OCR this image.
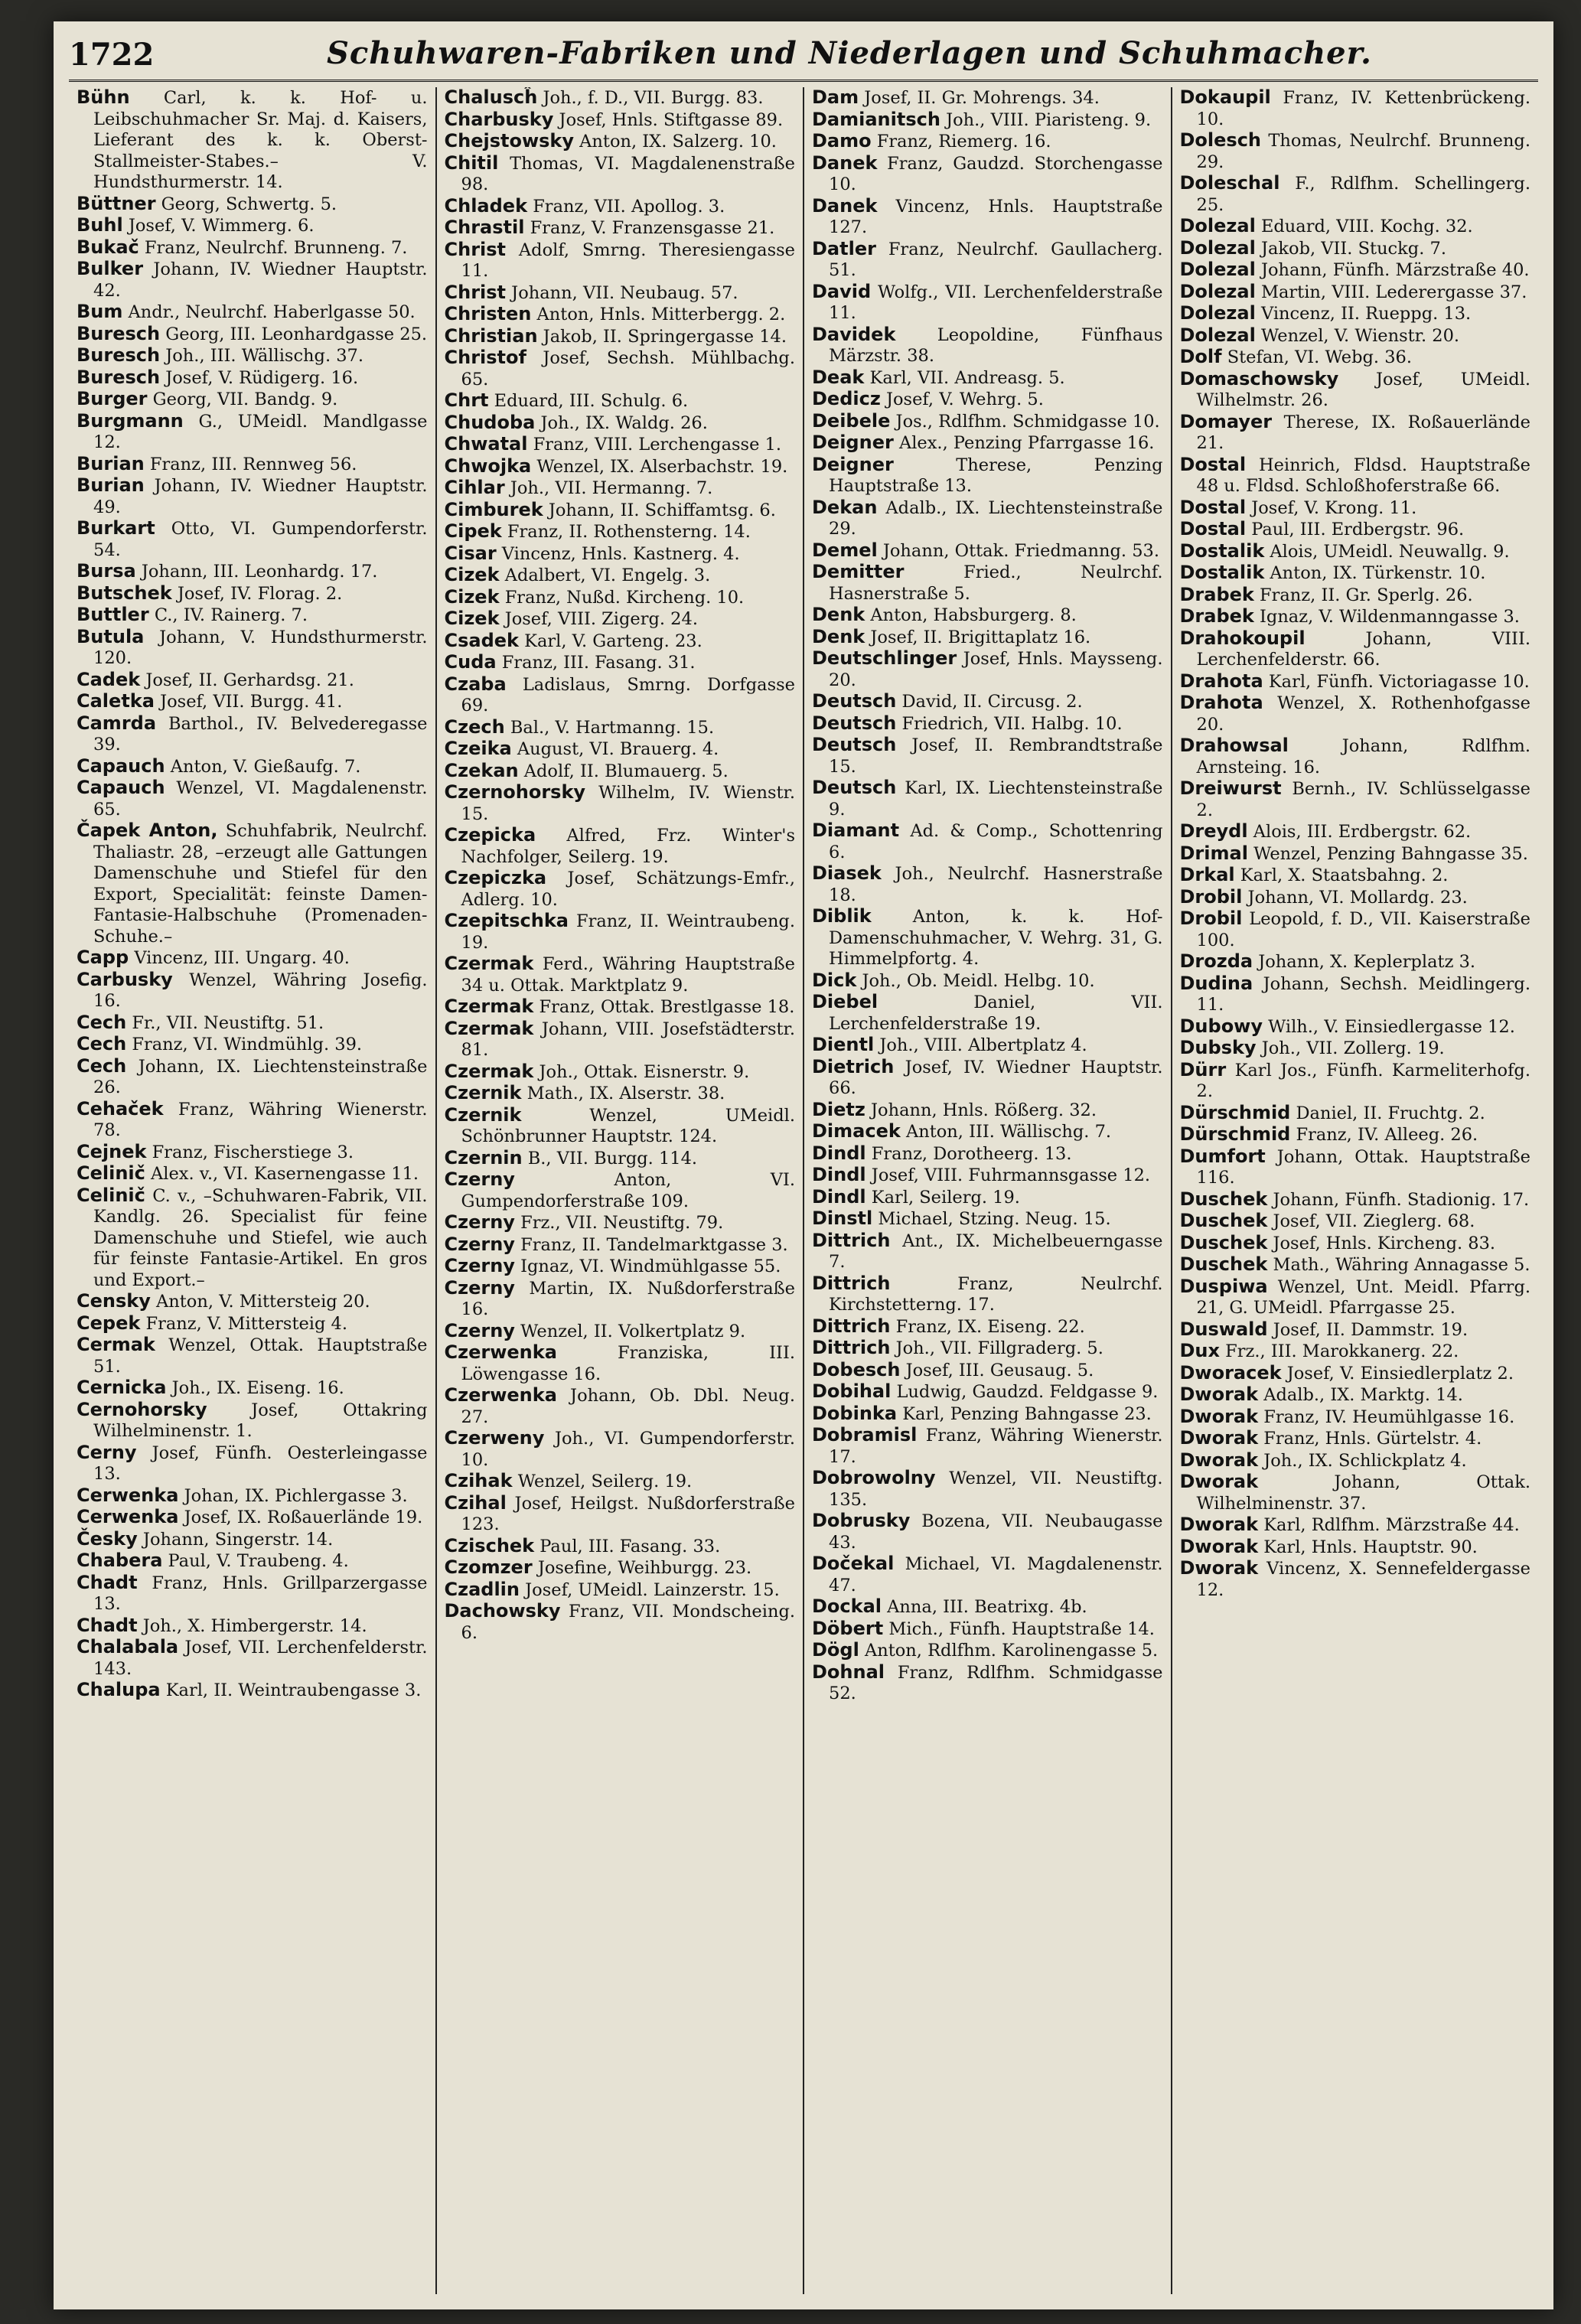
1722	Schuhwaren-Fabriken und Niederlagen und Schuhmacher.

Bühn Carl, k. k. Hof- u. Leibschuhmacher Sr. Maj. d. Kaisers, Lieferant des k. k. Oberst-Stallmeister-Stabes.– V. Hundsthurmerstr. 14.

Büttner Georg, Schwertg. 5.

Buhl Josef, V. Wimmerg. 6.

Bukač Franz, Neulrchf. Brunneng. 7.

Bulker Johann, IV. Wiedner Hauptstr. 42.

Bum Andr., Neulrchf. Haberlgasse 50.

Buresch Georg, III. Leonhardgasse 25.

Buresch Joh., III. Wällischg. 37.

Buresch Josef, V. Rüdigerg. 16.

Burger Georg, VII. Bandg. 9.

Burgmann G., UMeidl. Mandlgasse 12.

Burian Franz, III. Rennweg 56.

Burian Johann, IV. Wiedner Hauptstr. 49.

Burkart Otto, VI. Gumpendorferstr. 54.

Bursa Johann, III. Leonhardg. 17.

Butschek Josef, IV. Florag. 2.

Buttler C., IV. Rainerg. 7.

Butula Johann, V. Hundsthurmerstr. 120.

Cadek Josef, II. Gerhardsg. 21.

Caletka Josef, VII. Burgg. 41.

Camrda Barthol., IV. Belvederegasse 39.

Capauch Anton, V. Gießaufg. 7.

Capauch Wenzel, VI. Magdalenenstr. 65.

Čapek Anton, Schuhfabrik, Neulrchf. Thaliastr. 28, –erzeugt alle Gattungen Damenschuhe und Stiefel für den Export, Specialität: feinste Damen-Fantasie-Halbschuhe (Promenaden-Schuhe.–

Capp Vincenz, III. Ungarg. 40.

Carbusky Wenzel, Währing Josefig. 16.

Cech Fr., VII. Neustiftg. 51.

Cech Franz, VI. Windmühlg. 39.

Cech Johann, IX. Liechtensteinstraße 26.

Cehaček Franz, Währing Wienerstr. 78.

Cejnek Franz, Fischerstiege 3.

Celinič Alex. v., VI. Kasernengasse 11.

Celinič C. v., –Schuhwaren-Fabrik, VII. Kandlg. 26. Specialist für feine Damenschuhe und Stiefel, wie auch für feinste Fantasie-Artikel. En gros und Export.–

Censky Anton, V. Mittersteig 20.

Cepek Franz, V. Mittersteig 4.

Cermak Wenzel, Ottak. Hauptstraße 51.

Cernicka Joh., IX. Eiseng. 16.

Cernohorsky Josef, Ottakring Wilhelminenstr. 1.

Cerny Josef, Fünfh. Oesterleingasse 13.

Cerwenka Johan, IX. Pichlergasse 3.

Cerwenka Josef, IX. Roßauerlände 19.

Česky Johann, Singerstr. 14.

Chabera Paul, V. Traubeng. 4.

Chadt Franz, Hnls. Grillparzergasse 13.

Chadt Joh., X. Himbergerstr. 14.

Chalabala Josef, VII. Lerchenfelderstr. 143.

Chalupa Karl, II. Weintraubengasse 3.

Chaluscĥ Joh., f. D., VII. Burgg. 83.

Charbusky Josef, Hnls. Stiftgasse 89.

Chejstowsky Anton, IX. Salzerg. 10.

Chitil Thomas, VI. Magdalenenstraße 98.

Chladek Franz, VII. Apollog. 3.

Chrastil Franz, V. Franzensgasse 21.

Christ Adolf, Smrng. Theresiengasse 11.

Christ Johann, VII. Neubaug. 57.

Christen Anton, Hnls. Mitterbergg. 2.

Christian Jakob, II. Springergasse 14.

Christof Josef, Sechsh. Mühlbachg. 65.

Chrt Eduard, III. Schulg. 6.

Chudoba Joh., IX. Waldg. 26.

Chwatal Franz, VIII. Lerchengasse 1.

Chwojka Wenzel, IX. Alserbachstr. 19.

Cihlar Joh., VII. Hermanng. 7.

Cimburek Johann, II. Schiffamtsg. 6.

Cipek Franz, II. Rothensterng. 14.

Cisar Vincenz, Hnls. Kastnerg. 4.

Cizek Adalbert, VI. Engelg. 3.

Cizek Franz, Nußd. Kircheng. 10.

Cizek Josef, VIII. Zigerg. 24.

Csadek Karl, V. Garteng. 23.

Cuda Franz, III. Fasang. 31.

Czaba Ladislaus, Smrng. Dorfgasse 69.

Czech Bal., V. Hartmanng. 15.

Czeika August, VI. Brauerg. 4.

Czekan Adolf, II. Blumauerg. 5.

Czernohorsky Wilhelm, IV. Wienstr. 15.

Czepicka Alfred, Frz. Winter's Nachfolger, Seilerg. 19.

Czepiczka Josef, Schätzungs-Emfr., Adlerg. 10.

Czepitschka Franz, II. Weintraubeng. 19.

Czermak Ferd., Währing Hauptstraße 34 u. Ottak. Marktplatz 9.

Czermak Franz, Ottak. Brestlgasse 18.

Czermak Johann, VIII. Josefstädterstr. 81.

Czermak Joh., Ottak. Eisnerstr. 9.

Czernik Math., IX. Alserstr. 38.

Czernik Wenzel, UMeidl. Schönbrunner Hauptstr. 124.

Czernin B., VII. Burgg. 114.

Czerny Anton, VI. Gumpendorferstraße 109.

Czerny Frz., VII. Neustiftg. 79.

Czerny Franz, II. Tandelmarktgasse 3.

Czerny Ignaz, VI. Windmühlgasse 55.

Czerny Martin, IX. Nußdorferstraße 16.

Czerny Wenzel, II. Volkertplatz 9.

Czerwenka Franziska, III. Löwengasse 16.

Czerwenka Johann, Ob. Dbl. Neug. 27.

Czerweny Joh., VI. Gumpendorferstr. 10.

Czihak Wenzel, Seilerg. 19.

Czihal Josef, Heilgst. Nußdorferstraße 123.

Czischek Paul, III. Fasang. 33.

Czomzer Josefine, Weihburgg. 23.

Czadlin Josef, UMeidl. Lainzerstr. 15.

Dachowsky Franz, VII. Mondscheing. 6.

Dam Josef, II. Gr. Mohrengs. 34.

Damianitsch Joh., VIII. Piaristeng. 9.

Damo Franz, Riemerg. 16.

Danek Franz, Gaudzd. Storchengasse 10.

Danek Vincenz, Hnls. Hauptstraße 127.

Datler Franz, Neulrchf. Gaullacherg. 51.

David Wolfg., VII. Lerchenfelderstraße 11.

Davidek Leopoldine, Fünfhaus Märzstr. 38.

Deak Karl, VII. Andreasg. 5.

Dedicz Josef, V. Wehrg. 5.

Deibele Jos., Rdlfhm. Schmidgasse 10.

Deigner Alex., Penzing Pfarrgasse 16.

Deigner Therese, Penzing Hauptstraße 13.

Dekan Adalb., IX. Liechtensteinstraße 29.

Demel Johann, Ottak. Friedmanng. 53.

Demitter Fried., Neulrchf. Hasnerstraße 5.

Denk Anton, Habsburgerg. 8.

Denk Josef, II. Brigittaplatz 16.

Deutschlinger Josef, Hnls. Maysseng. 20.

Deutsch David, II. Circusg. 2.

Deutsch Friedrich, VII. Halbg. 10.

Deutsch Josef, II. Rembrandtstraße 15.

Deutsch Karl, IX. Liechtensteinstraße 9.

Diamant Ad. & Comp., Schottenring 6.

Diasek Joh., Neulrchf. Hasnerstraße 18.

Diblik Anton, k. k. Hof-Damenschuhmacher, V. Wehrg. 31, G. Himmelpfortg. 4.

Dick Joh., Ob. Meidl. Helbg. 10.

Diebel Daniel, VII. Lerchenfelderstraße 19.

Dientl Joh., VIII. Albertplatz 4.

Dietrich Josef, IV. Wiedner Hauptstr. 66.

Dietz Johann, Hnls. Rößerg. 32.

Dimacek Anton, III. Wällischg. 7.

Dindl Franz, Dorotheerg. 13.

Dindl Josef, VIII. Fuhrmannsgasse 12.

Dindl Karl, Seilerg. 19.

Dinstl Michael, Stzing. Neug. 15.

Dittrich Ant., IX. Michelbeuerngasse 7.

Dittrich Franz, Neulrchf. Kirchstetterng. 17.

Dittrich Franz, IX. Eiseng. 22.

Dittrich Joh., VII. Fillgraderg. 5.

Dobesch Josef, III. Geusaug. 5.

Dobihal Ludwig, Gaudzd. Feldgasse 9.

Dobinka Karl, Penzing Bahngasse 23.

Dobramisl Franz, Währing Wienerstr. 17.

Dobrowolny Wenzel, VII. Neustiftg. 135.

Dobrusky Bozena, VII. Neubaugasse 43.

Dočekal Michael, VI. Magdalenenstr. 47.

Dockal Anna, III. Beatrixg. 4b.

Döbert Mich., Fünfh. Hauptstraße 14.

Dögl Anton, Rdlfhm. Karolinengasse 5.

Dohnal Franz, Rdlfhm. Schmidgasse 52.

Dokaupil Franz, IV. Kettenbrückeng. 10.

Dolesch Thomas, Neulrchf. Brunneng. 29.

Doleschal F., Rdlfhm. Schellingerg. 25.

Dolezal Eduard, VIII. Kochg. 32.

Dolezal Jakob, VII. Stuckg. 7.

Dolezal Johann, Fünfh. Märzstraße 40.

Dolezal Martin, VIII. Lederergasse 37.

Dolezal Vincenz, II. Rueppg. 13.

Dolezal Wenzel, V. Wienstr. 20.

Dolf Stefan, VI. Webg. 36.

Domaschowsky Josef, UMeidl. Wilhelmstr. 26.

Domayer Therese, IX. Roßauerlände 21.

Dostal Heinrich, Fldsd. Hauptstraße 48 u. Fldsd. Schloßhoferstraße 66.

Dostal Josef, V. Krong. 11.

Dostal Paul, III. Erdbergstr. 96.

Dostalik Alois, UMeidl. Neuwallg. 9.

Dostalik Anton, IX. Türkenstr. 10.

Drabek Franz, II. Gr. Sperlg. 26.

Drabek Ignaz, V. Wildenmanngasse 3.

Drahokoupil Johann, VIII. Lerchenfelderstr. 66.

Drahota Karl, Fünfh. Victoriagasse 10.

Drahota Wenzel, X. Rothenhofgasse 20.

Drahowsal Johann, Rdlfhm. Arnsteing. 16.

Dreiwurst Bernh., IV. Schlüsselgasse 2.

Dreydl Alois, III. Erdbergstr. 62.

Drimal Wenzel, Penzing Bahngasse 35.

Drkal Karl, X. Staatsbahng. 2.

Drobil Johann, VI. Mollardg. 23.

Drobil Leopold, f. D., VII. Kaiserstraße 100.

Drozda Johann, X. Keplerplatz 3.

Dudina Johann, Sechsh. Meidlingerg. 11.

Dubowy Wilh., V. Einsiedlergasse 12.

Dubsky Joh., VII. Zollerg. 19.

Dürr Karl Jos., Fünfh. Karmeliterhofg. 2.

Dürschmid Daniel, II. Fruchtg. 2.

Dürschmid Franz, IV. Alleeg. 26.

Dumfort Johann, Ottak. Hauptstraße 116.

Duschek Johann, Fünfh. Stadionig. 17.

Duschek Josef, VII. Zieglerg. 68.

Duschek Josef, Hnls. Kircheng. 83.

Duschek Math., Währing Annagasse 5.

Duspiwa Wenzel, Unt. Meidl. Pfarrg. 21, G. UMeidl. Pfarrgasse 25.

Duswald Josef, II. Dammstr. 19.

Dux Frz., III. Marokkanerg. 22.

Dworacek Josef, V. Einsiedlerplatz 2.

Dworak Adalb., IX. Marktg. 14.

Dworak Franz, IV. Heumühlgasse 16.

Dworak Franz, Hnls. Gürtelstr. 4.

Dworak Joh., IX. Schlickplatz 4.

Dworak Johann, Ottak. Wilhelminenstr. 37.

Dworak Karl, Rdlfhm. Märzstraße 44.

Dworak Karl, Hnls. Hauptstr. 90.

Dworak Vincenz, X. Sennefeldergasse 12.
